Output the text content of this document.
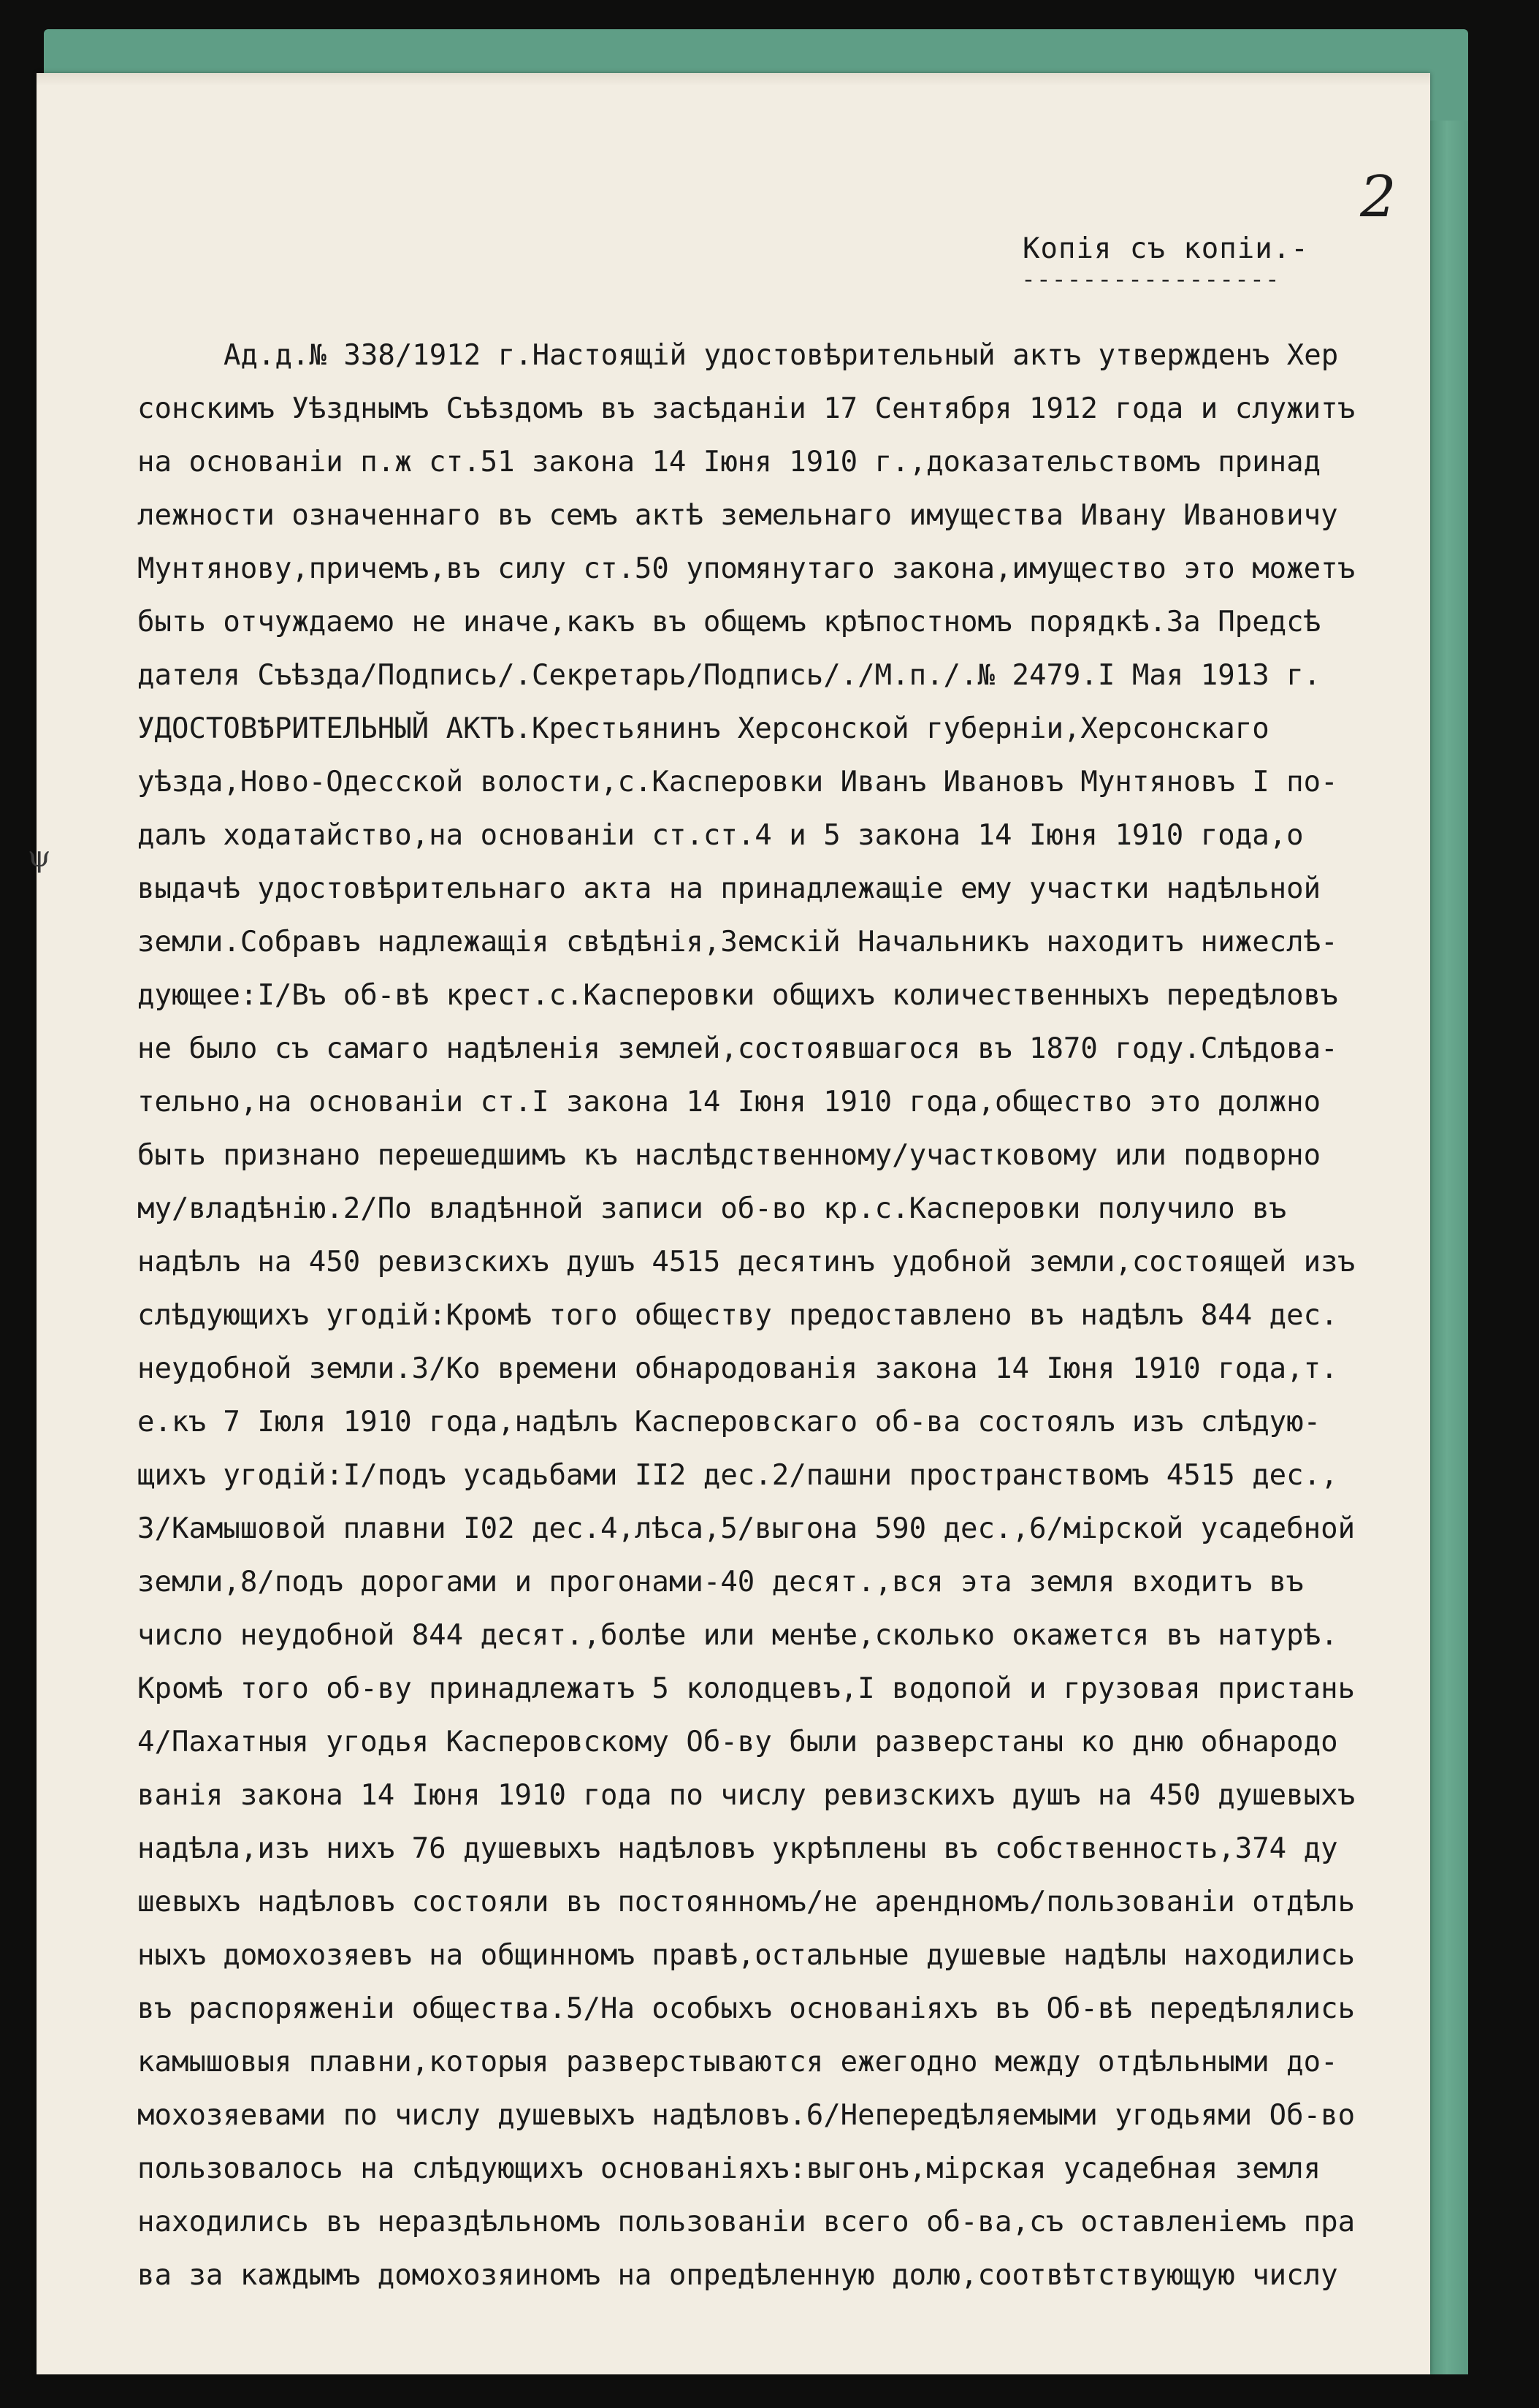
2
Копія съ копіи.-
-----------------
ψ
Ад.д.№ 338/1912 г.Настоящій удостовѣрительный актъ утвержденъ Хер
сонскимъ Уѣзднымъ Съѣздомъ въ засѣданіи 17 Сентября 1912 года и служитъ
на основаніи п.ж ст.51 закона 14 Іюня 1910 г.,доказательствомъ принад
лежности означеннаго въ семъ актѣ земельнаго имущества Ивану Ивановичу
Мунтянову,причемъ,въ силу ст.50 упомянутаго закона,имущество это можетъ
быть отчуждаемо не иначе,какъ въ общемъ крѣпостномъ порядкѣ.За Предсѣ
дателя Съѣзда/Подпись/.Секретарь/Подпись/./М.п./.№ 2479.I Мая 1913 г.
УДОСТОВѢРИТЕЛЬНЫЙ АКТЪ.Крестьянинъ Херсонской губерніи,Херсонскаго
уѣзда,Ново-Одесской волости,с.Касперовки Иванъ Ивановъ Мунтяновъ I по-
далъ ходатайство,на основаніи ст.ст.4 и 5 закона 14 Іюня 1910 года,о
выдачѣ удостовѣрительнаго акта на принадлежащіе ему участки надѣльной
земли.Собравъ надлежащія свѣдѣнія,Земскій Начальникъ находитъ нижеслѣ-
дующее:I/Въ об-вѣ крест.с.Касперовки общихъ количественныхъ передѣловъ
не было съ самаго надѣленія землей,состоявшагося въ 1870 году.Слѣдова-
тельно,на основаніи ст.I закона 14 Іюня 1910 года,общество это должно
быть признано перешедшимъ къ наслѣдственному/участковому или подворно
му/владѣнію.2/По владѣнной записи об-во кр.с.Касперовки получило въ
надѣлъ на 450 ревизскихъ душъ 4515 десятинъ удобной земли,состоящей изъ
слѣдующихъ угодій:Кромѣ того обществу предоставлено въ надѣлъ 844 дес.
неудобной земли.3/Ко времени обнародованія закона 14 Іюня 1910 года,т.
е.къ 7 Іюля 1910 года,надѣлъ Касперовскаго об-ва состоялъ изъ слѣдую-
щихъ угодій:I/подъ усадьбами II2 дес.2/пашни пространствомъ 4515 дес.,
3/Камышовой плавни I02 дес.4,лѣса,5/выгона 590 дес.,6/мірской усадебной
земли,8/подъ дорогами и прогонами-40 десят.,вся эта земля входитъ въ
число неудобной 844 десят.,болѣе или менѣе,сколько окажется въ натурѣ.
Кромѣ того об-ву принадлежатъ 5 колодцевъ,I водопой и грузовая пристань
4/Пахатныя угодья Касперовскому Об-ву были разверстаны ко дню обнародо
ванія закона 14 Іюня 1910 года по числу ревизскихъ душъ на 450 душевыхъ
надѣла,изъ нихъ 76 душевыхъ надѣловъ укрѣплены въ собственность,374 ду
шевыхъ надѣловъ состояли въ постоянномъ/не арендномъ/пользованіи отдѣль
ныхъ домохозяевъ на общинномъ правѣ,остальные душевые надѣлы находились
въ распоряженіи общества.5/На особыхъ основаніяхъ въ Об-вѣ передѣлялись
камышовыя плавни,которыя разверстываются ежегодно между отдѣльными до-
мохозяевами по числу душевыхъ надѣловъ.6/Непередѣляемыми угодьями Об-во
пользовалось на слѣдующихъ основаніяхъ:выгонъ,мірская усадебная земля
находились въ нераздѣльномъ пользованіи всего об-ва,съ оставленіемъ пра
ва за каждымъ домохозяиномъ на опредѣленную долю,соотвѣтствующую числу
